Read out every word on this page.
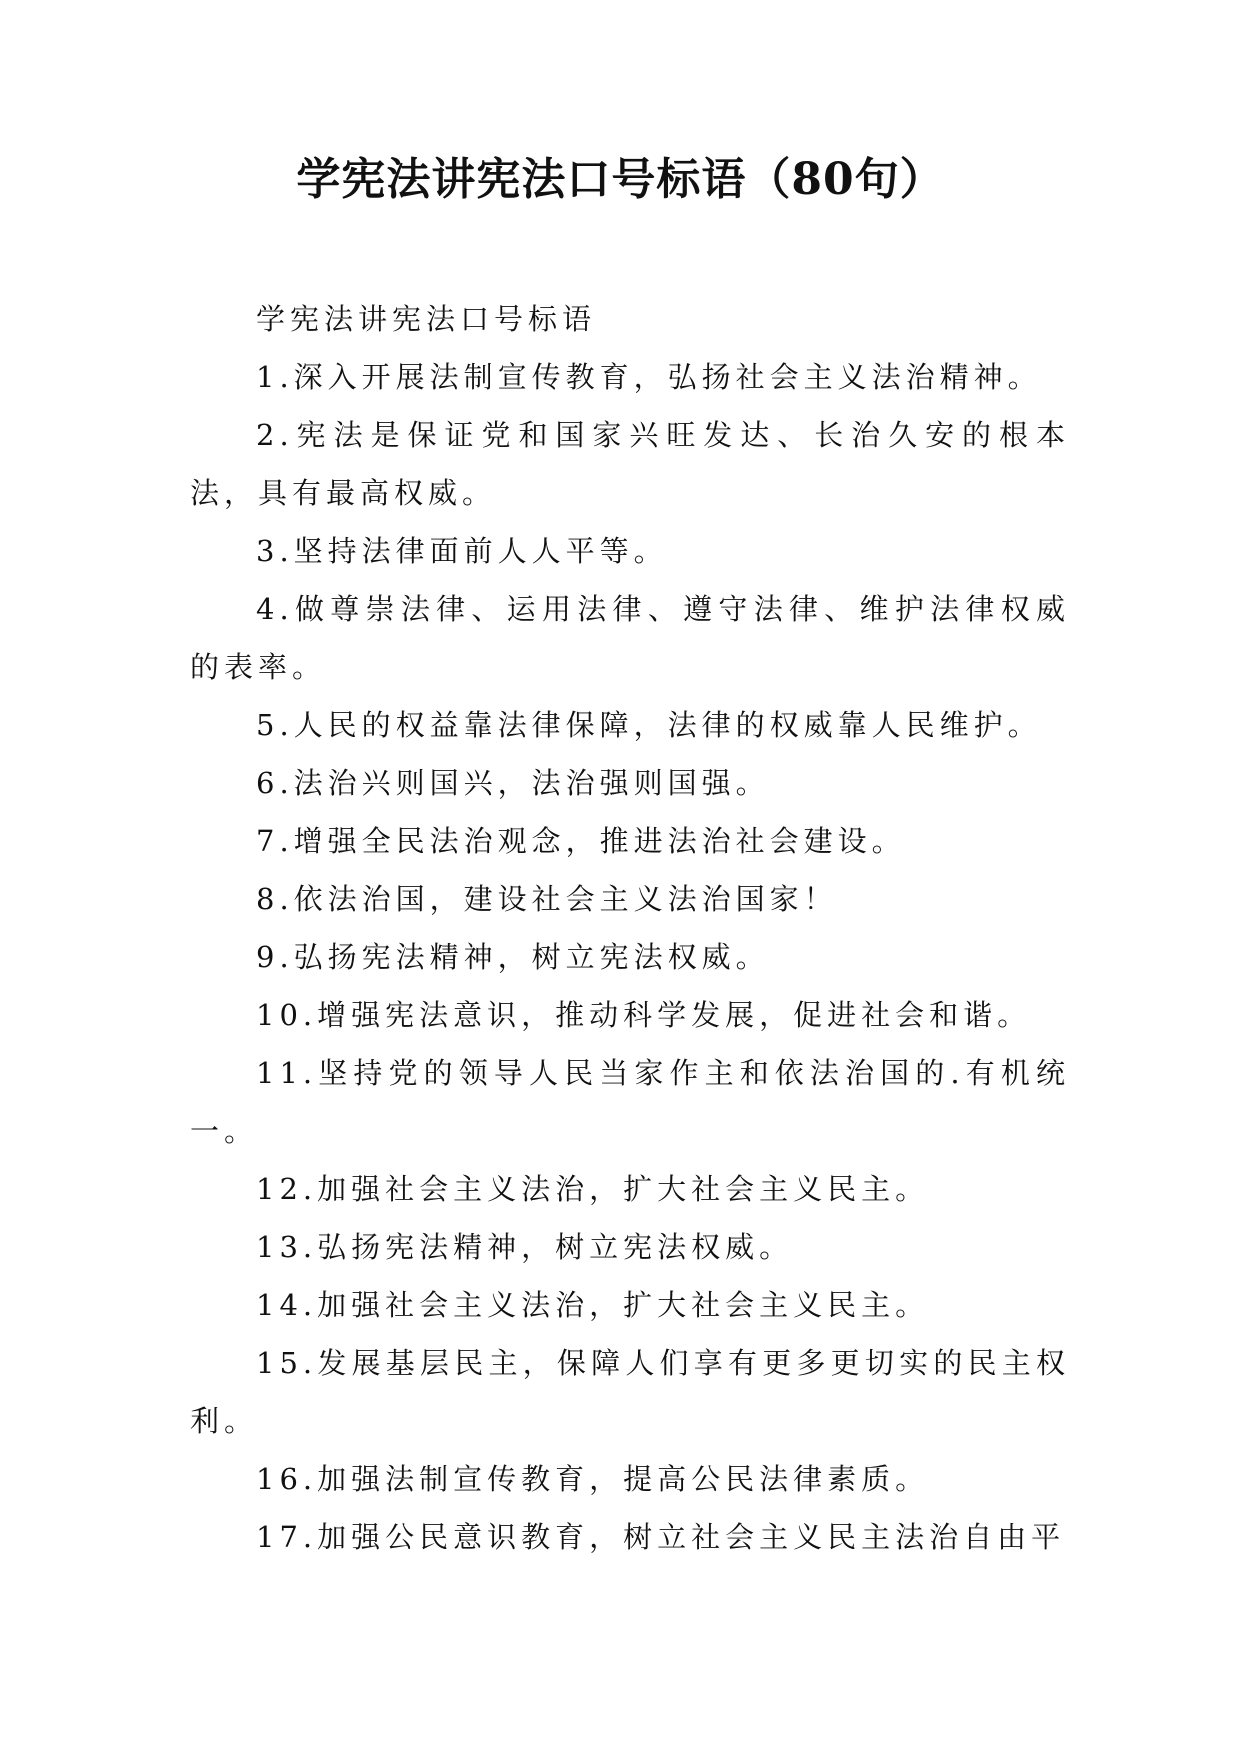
学宪法讲宪法口号标语（80句）

学宪法讲宪法口号标语

1.深入开展法制宣传教育，弘扬社会主义法治精神。

2.宪法是保证党和国家兴旺发达、长治久安的根本法，具有最高权威。

3.坚持法律面前人人平等。

4.做尊崇法律、运用法律、遵守法律、维护法律权威的表率。

5.人民的权益靠法律保障，法律的权威靠人民维护。

6.法治兴则国兴，法治强则国强。

7.增强全民法治观念，推进法治社会建设。

8.依法治国，建设社会主义法治国家！

9.弘扬宪法精神，树立宪法权威。

10.增强宪法意识，推动科学发展，促进社会和谐。

11.坚持党的领导人民当家作主和依法治国的.有机统一。

12.加强社会主义法治，扩大社会主义民主。

13.弘扬宪法精神，树立宪法权威。

14.加强社会主义法治，扩大社会主义民主。

15.发展基层民主，保障人们享有更多更切实的民主权利。

16.加强法制宣传教育，提高公民法律素质。

17.加强公民意识教育，树立社会主义民主法治自由平
